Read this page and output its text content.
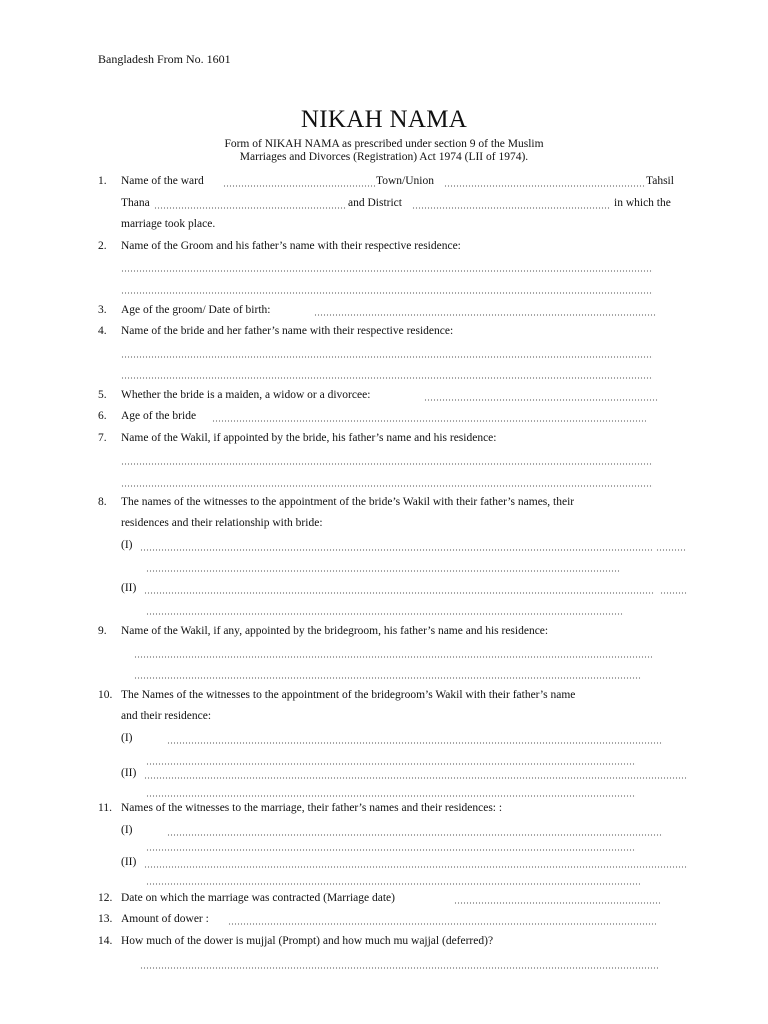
Bangladesh From No. 1601
NIKAH NAMA
Form of NIKAH NAMA as prescribed under section 9 of the Muslim
Marriages and Divorces (Registration) Act 1974 (LII of 1974).
1. Name of the ward	Town/Union	Tahsil
Thana	and District	in which the
marriage took place.
2. Name of the Groom and his father’s name with their respective residence:
3. Age of the groom/ Date of birth:
4. Name of the bride and her father’s name with their respective residence:
5. Whether the bride is a maiden, a widow or a divorcee:
6. Age of the bride
7. Name of the Wakil, if appointed by the bride, his father’s name and his residence:
8. The names of the witnesses to the appointment of the bride’s Wakil with their father’s names, their
residences and their relationship with bride:
(I)
(II)
9. Name of the Wakil, if any, appointed by the bridegroom, his father’s name and his residence:
10. The Names of the witnesses to the appointment of the bridegroom’s Wakil with their father’s name
and their residence:
(I)
(II)
11. Names of the witnesses to the marriage, their father’s names and their residences: :
(I)
(II)
12. Date on which the marriage was contracted (Marriage date)
13. Amount of dower :
14. How much of the dower is mujjal (Prompt) and how much mu wajjal (deferred)?
